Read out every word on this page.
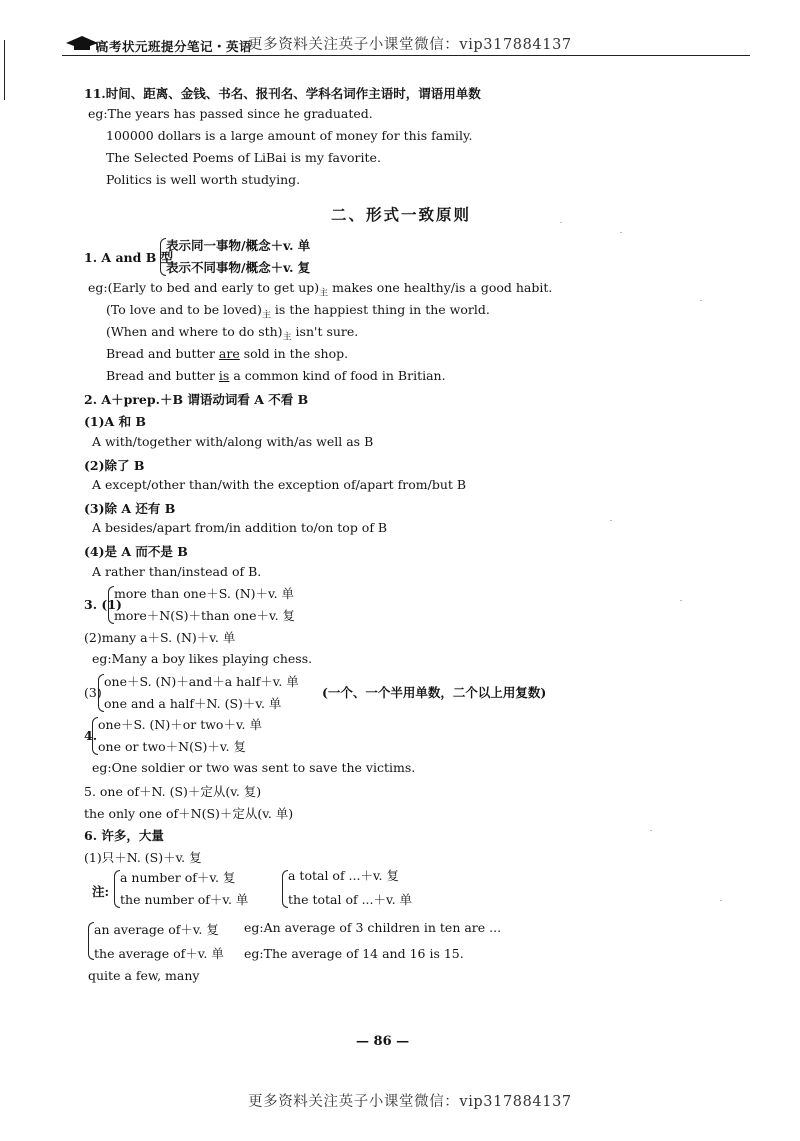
高考状元班提分笔记・英语
更多资料关注英子小课堂微信：vip317884137
11.时间、距离、金钱、书名、报刊名、学科名词作主语时，谓语用单数
eg:The years has passed since he graduated.
100000 dollars is a large amount of money for this family.
The Selected Poems of LiBai is my favorite.
Politics is well worth studying.
二、形式一致原则
1. A and B 型
表示同一事物/概念＋v. 单
表示不同事物/概念＋v. 复
eg:(Early to bed and early to get $up)_主$ makes one healthy/is a good habit.
(To love and to be $loved)_主$ is the happiest thing in the world.
(When and where to do $sth)_主$ isn't sure.
Bread and butter are sold in the shop.
Bread and butter is a common kind of food in Britian.
2. A＋prep.＋B 谓语动词看 A 不看 B
(1)A 和 B
A with/together with/along with/as well as B
(2)除了 B
A except/other than/with the exception of/apart from/but B
(3)除 A 还有 B
A besides/apart from/in addition to/on top of B
(4)是 A 而不是 B
A rather than/instead of B.
3. (1)
more than one＋S. (N)＋v. 单
more＋N(S)＋than one＋v. 复
(2)many a＋S. (N)＋v. 单
eg:Many a boy likes playing chess.
(3)
one＋S. (N)＋and＋a half＋v. 单
one and a half＋N. (S)＋v. 单
(一个、一个半用单数，二个以上用复数)
4.
one＋S. (N)＋or two＋v. 单
one or two＋N(S)＋v. 复
eg:One soldier or two was sent to save the victims.
5. one of＋N. (S)＋定从(v. 复)
the only one of＋N(S)＋定从(v. 单)
6. 许多，大量
(1)只＋N. (S)＋v. 复
注:
a number of＋v. 复
the number of＋v. 单
a total of ...＋v. 复
the total of ...＋v. 单
an average of＋v. 复 eg:An average of 3 children in ten are ...
the average of＋v. 单 eg:The average of 14 and 16 is 15.
quite a few, many
— 86 —
更多资料关注英子小课堂微信：vip317884137
